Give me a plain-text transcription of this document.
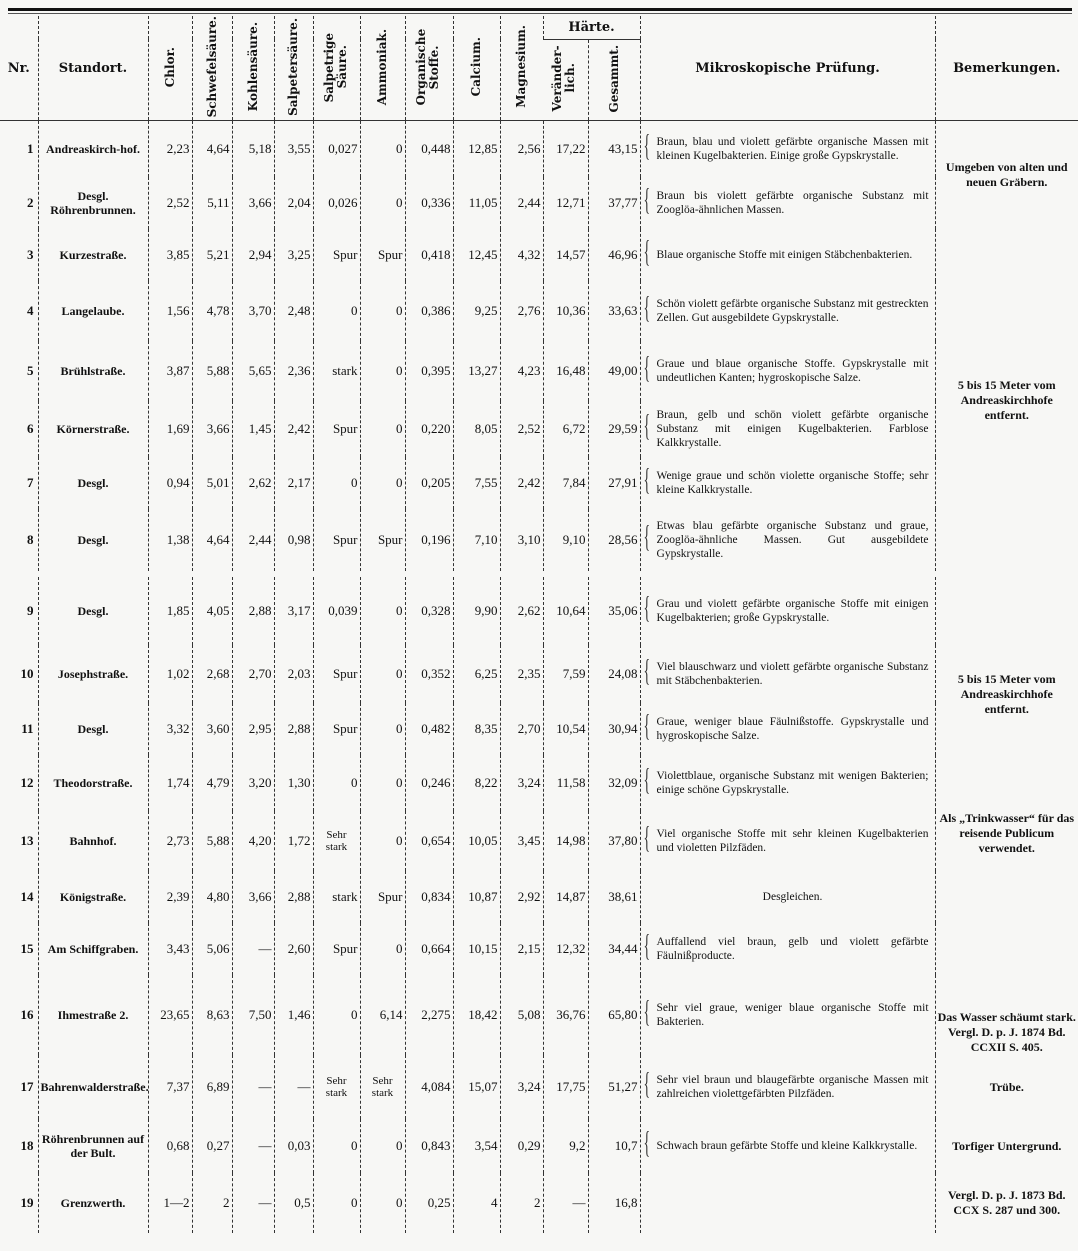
Nr.	Standort.	Chlor.	Schwefelsäure.	Kohlensäure.	Salpetersäure.	Salpetrige Säure.	Ammoniak.	Organische Stoffe.	Calcium.	Magnesium.	Härte.		Mikroskopische Prüfung.	Bemerkungen.
											Veränder-lich.	Gesammt.		
1	Andreaskirch-hof.	2,23	4,64	5,18	3,55	0,027	0	0,448	12,85	2,56	17,22	43,15	{ Braun, blau und violett gefärbte organische Massen mit kleinen Kugelbakterien. Einige große Gypskrystalle.	Umgeben von alten und neuen Gräbern.
2	Desgl. Röhrenbrunnen.	2,52	5,11	3,66	2,04	0,026	0	0,336	11,05	2,44	12,71	37,77	{ Braun bis violett gefärbte organische Substanz mit Zooglöa-ähnlichen Massen.
3	Kurzestraße.	3,85	5,21	2,94	3,25	Spur	Spur	0,418	12,45	4,32	14,57	46,96	{ Blaue organische Stoffe mit einigen Stäbchenbakterien.	5 bis 15 Meter vom Andreaskirchhofe entfernt.
4	Langelaube.	1,56	4,78	3,70	2,48	0	0	0,386	9,25	2,76	10,36	33,63	{ Schön violett gefärbte organische Substanz mit gestreckten Zellen. Gut ausgebildete Gypskrystalle.
5	Brühlstraße.	3,87	5,88	5,65	2,36	stark	0	0,395	13,27	4,23	16,48	49,00	{ Graue und blaue organische Stoffe. Gypskrystalle mit undeutlichen Kanten; hygroskopische Salze.
6	Körnerstraße.	1,69	3,66	1,45	2,42	Spur	0	0,220	8,05	2,52	6,72	29,59	{ Braun, gelb und schön violett gefärbte organische Substanz mit einigen Kugelbakterien. Farblose Kalkkrystalle.
7	Desgl.	0,94	5,01	2,62	2,17	0	0	0,205	7,55	2,42	7,84	27,91	{ Wenige graue und schön violette organische Stoffe; sehr kleine Kalkkrystalle.
8	Desgl.	1,38	4,64	2,44	0,98	Spur	Spur	0,196	7,10	3,10	9,10	28,56	{ Etwas blau gefärbte organische Substanz und graue, Zooglöa-ähnliche Massen. Gut ausgebildete Gypskrystalle.

9	Desgl.	1,85	4,05	2,88	3,17	0,039	0	0,328	9,90	2,62	10,64	35,06	{ Grau und violett gefärbte organische Stoffe mit einigen Kugelbakterien; große Gypskrystalle.	5 bis 15 Meter vom Andreaskirchhofe entfernt.
10	Josephstraße.	1,02	2,68	2,70	2,03	Spur	0	0,352	6,25	2,35	7,59	24,08	{ Viel blauschwarz und violett gefärbte organische Substanz mit Stäbchenbakterien.
11	Desgl.	3,32	3,60	2,95	2,88	Spur	0	0,482	8,35	2,70	10,54	30,94	{ Graue, weniger blaue Fäulnißstoffe. Gypskrystalle und hygroskopische Salze.
12	Theodorstraße.	1,74	4,79	3,20	1,30	0	0	0,246	8,22	3,24	11,58	32,09	{ Violettblaue, organische Substanz mit wenigen Bakterien; einige schöne Gypskrystalle.
13	Bahnhof.	2,73	5,88	4,20	1,72	Sehr stark	0	0,654	10,05	3,45	14,98	37,80	{ Viel organische Stoffe mit sehr kleinen Kugelbakterien und violetten Pilzfäden.	Als „Trinkwasser“ für das reisende Publicum verwendet.
14	Königstraße.	2,39	4,80	3,66	2,88	stark	Spur	0,834	10,87	2,92	14,87	38,61	Desgleichen.	
15	Am Schiffgraben.	3,43	5,06	—	2,60	Spur	0	0,664	10,15	2,15	12,32	34,44	{ Auffallend viel braun, gelb und violett gefärbte Fäulnißproducte.	Das Wasser schäumt stark. Vergl. D. p. J. 1874 Bd. CCXII S. 405.
16	Ihmestraße 2.	23,65	8,63	7,50	1,46	0	6,14	2,275	18,42	5,08	36,76	65,80	{ Sehr viel graue, weniger blaue organische Stoffe mit Bakterien.
17	Bahrenwalderstraße.	7,37	6,89	—	—	Sehr stark	Sehr stark	4,084	15,07	3,24	17,75	51,27	{ Sehr viel braun und blaugefärbte organische Massen mit zahlreichen violettgefärbten Pilzfäden.	Trübe.
18	Röhrenbrunnen auf der Bult.	0,68	0,27	—	0,03	0	0	0,843	3,54	0,29	9,2	10,7	{ Schwach braun gefärbte Stoffe und kleine Kalkkrystalle.	Torfiger Untergrund.
19	Grenzwerth.	1—2	2	—	0,5	0	0	0,25	4	2	—	16,8		Vergl. D. p. J. 1873 Bd. CCX S. 287 und 300.
